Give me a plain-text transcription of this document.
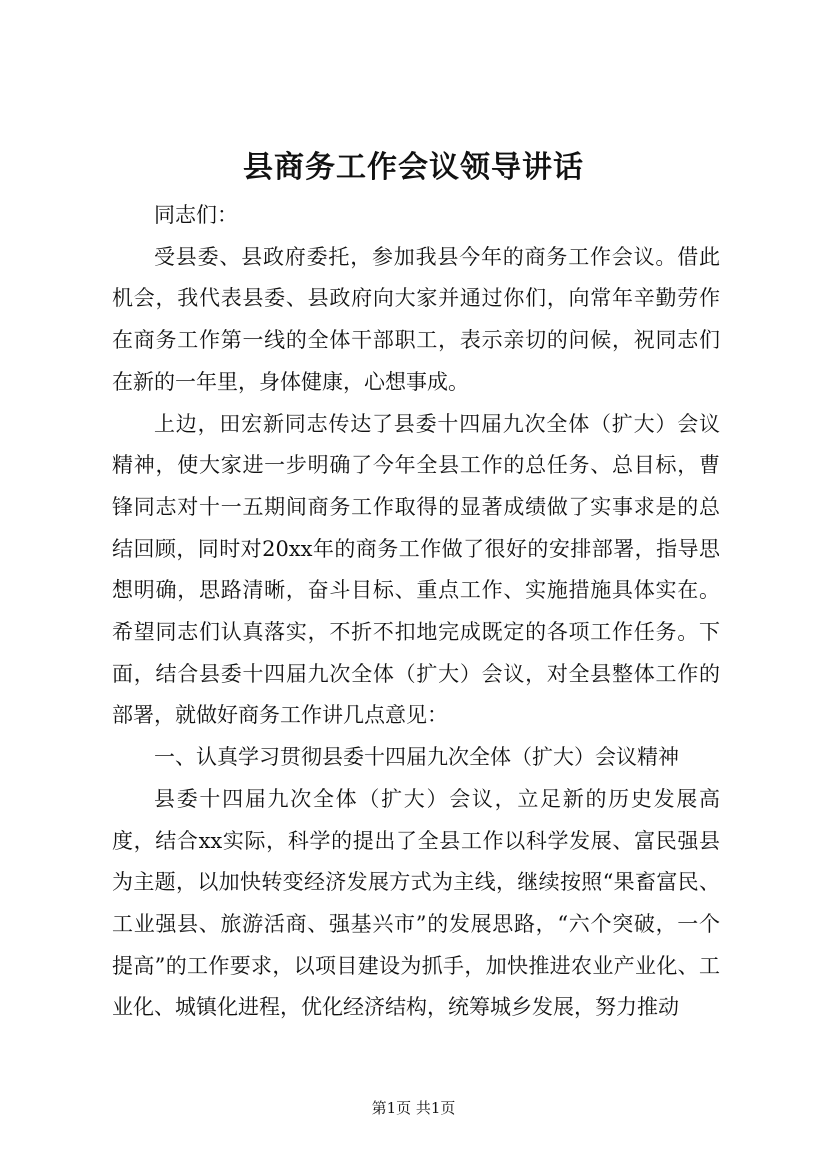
县商务工作会议领导讲话

同志们：

受县委、县政府委托，参加我县今年的商务工作会议。借此机会，我代表县委、县政府向大家并通过你们，向常年辛勤劳作在商务工作第一线的全体干部职工，表示亲切的问候，祝同志们在新的一年里，身体健康，心想事成。

上边，田宏新同志传达了县委十四届九次全体（扩大）会议精神，使大家进一步明确了今年全县工作的总任务、总目标，曹锋同志对十一五期间商务工作取得的显著成绩做了实事求是的总结回顾，同时对20xx年的商务工作做了很好的安排部署，指导思想明确，思路清晰，奋斗目标、重点工作、实施措施具体实在。希望同志们认真落实，不折不扣地完成既定的各项工作任务。下面，结合县委十四届九次全体（扩大）会议，对全县整体工作的部署，就做好商务工作讲几点意见：

一、认真学习贯彻县委十四届九次全体（扩大）会议精神

县委十四届九次全体（扩大）会议，立足新的历史发展高度，结合xx实际，科学的提出了全县工作以科学发展、富民强县为主题，以加快转变经济发展方式为主线，继续按照“果畜富民、工业强县、旅游活商、强基兴市”的发展思路，“六个突破，一个提高”的工作要求，以项目建设为抓手，加快推进农业产业化、工业化、城镇化进程，优化经济结构，统筹城乡发展，努力推动

第1页 共1页
